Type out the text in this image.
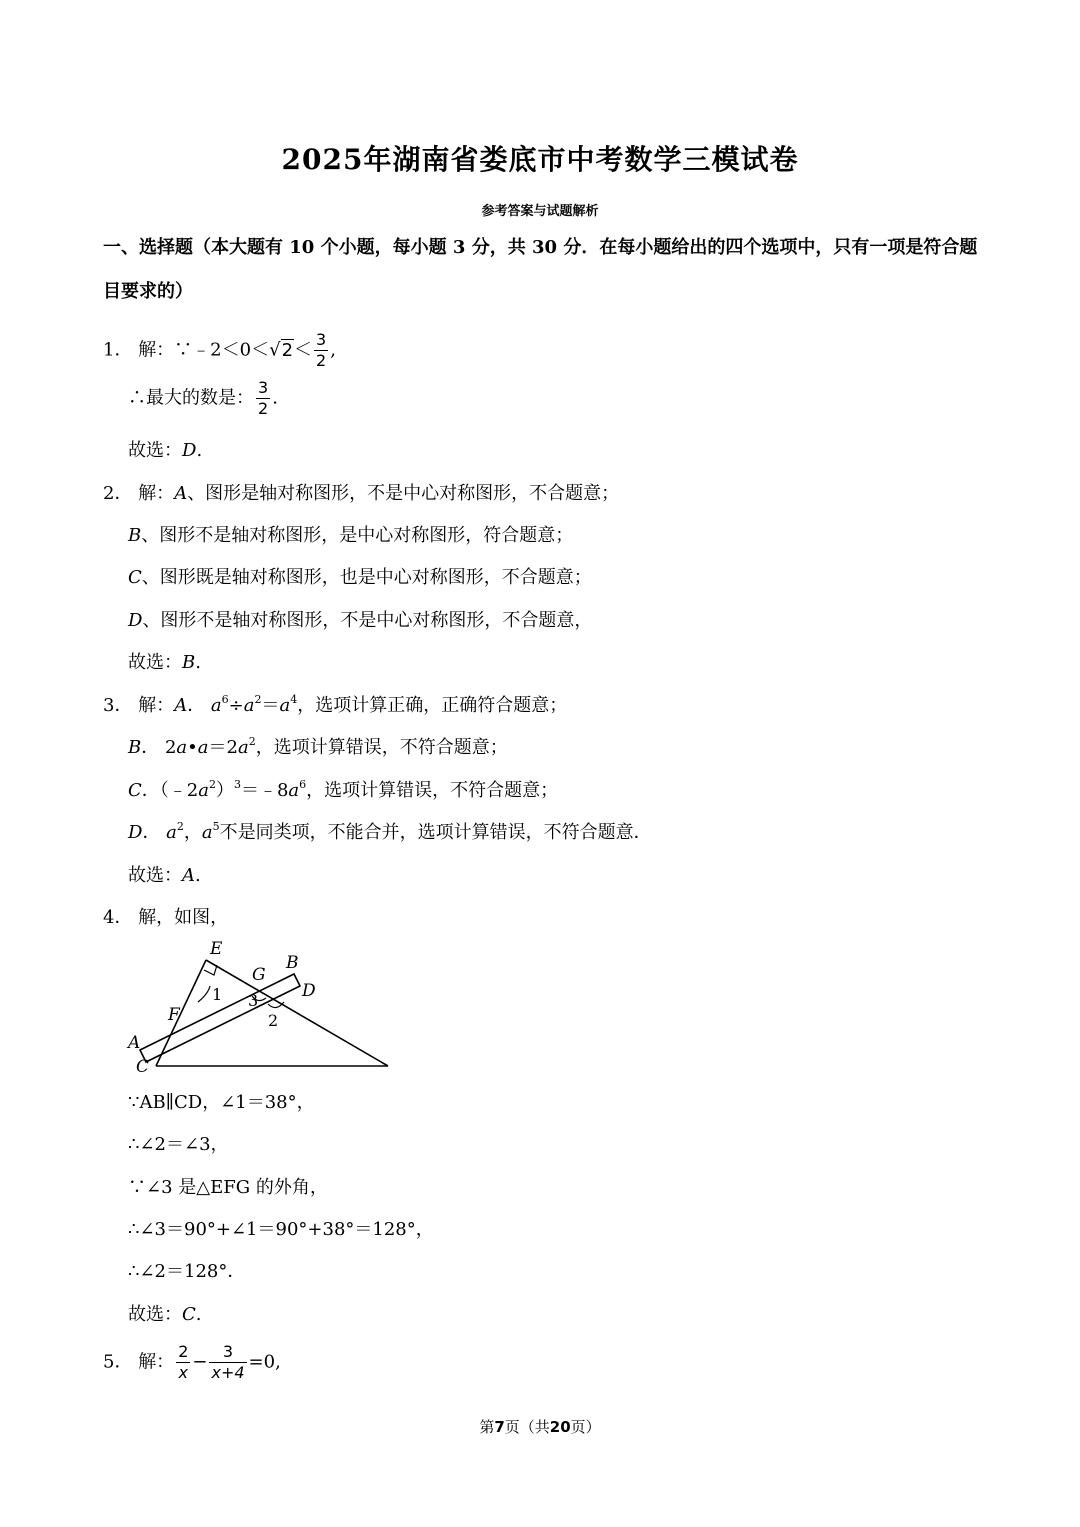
2025年湖南省娄底市中考数学三模试卷
参考答案与试题解析
一、选择题（本大题有 10 个小题，每小题 3 分，共 30 分．在每小题给出的四个选项中，只有一项是符合题目要求的）
1． 解：∵﹣2＜0＜√2＜ $\frac{3}{2}$ ,
∴最大的数是： $\frac{3}{2}$ .
故选：D.
2． 解：A、图形是轴对称图形，不是中心对称图形，不合题意；
B、图形不是轴对称图形，是中心对称图形，符合题意；
C、图形既是轴对称图形，也是中心对称图形，不合题意；
D、图形不是轴对称图形，不是中心对称图形，不合题意，
故选：B.
3． 解：A． $a^6\div a^2=a^4$，选项计算正确，正确符合题意；
B． $2a•a=2a^2$，选项计算错误，不符合题意；
C．$(﹣2a^2)^3=﹣8a^6$，选项计算错误，不符合题意；
D． $a^2$，$a^5$不是同类项，不能合并，选项计算错误，不符合题意．
故选：A.
4． 解，如图，
E
G
B
D
F
A
C
1 3
2
∵AB∥CD，∠1＝38°，
∴∠2＝∠3，
∵∠3 是△EFG 的外角，
∴∠3＝90°+∠1＝90°+38°＝128°，
∴∠2＝128°．
故选：C.
5． 解： $\frac{2}{x} - \frac{3}{x+4} =0$,
第7页（共20页）
